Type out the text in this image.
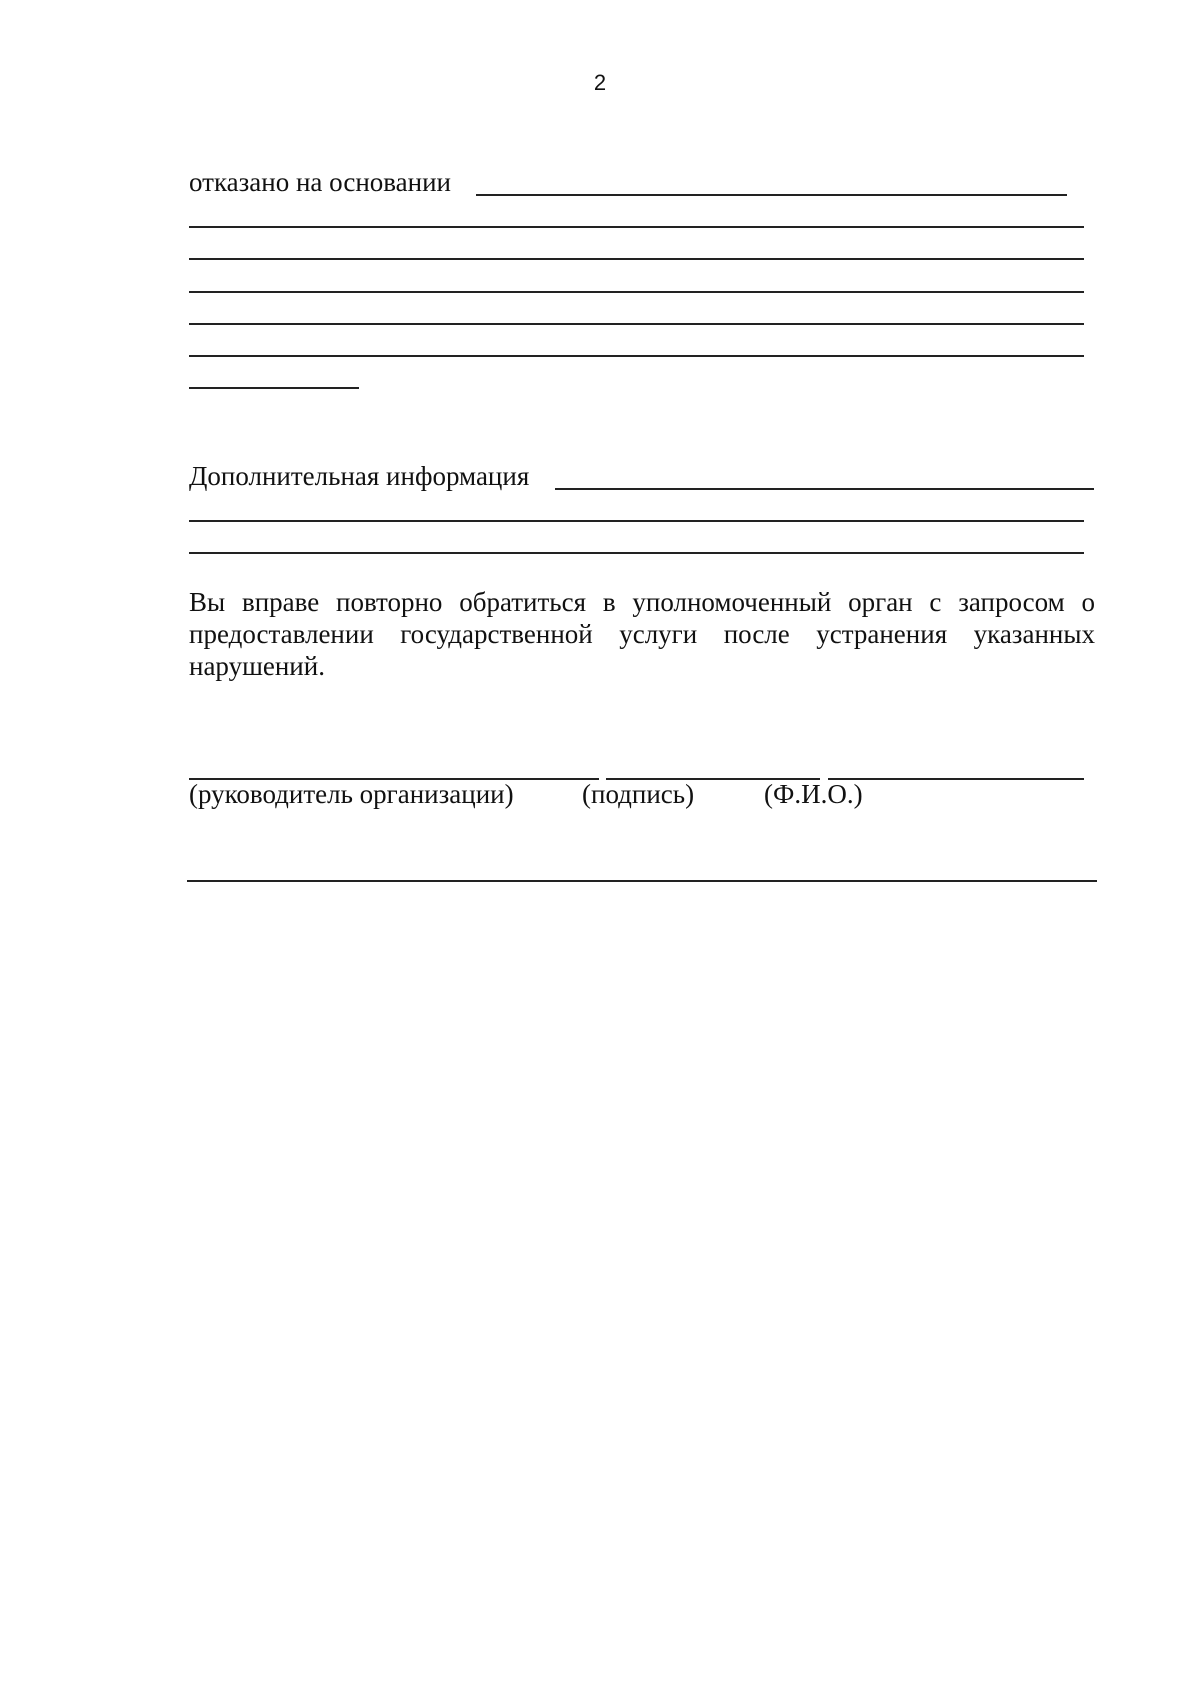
2
отказано на основании
Дополнительная информация
Вы вправе повторно обратиться в уполномоченный орган с запросом о предоставлении государственной услуги после устранения указанных нарушений.
(руководитель организации)	(подпись)	(Ф.И.О.)
